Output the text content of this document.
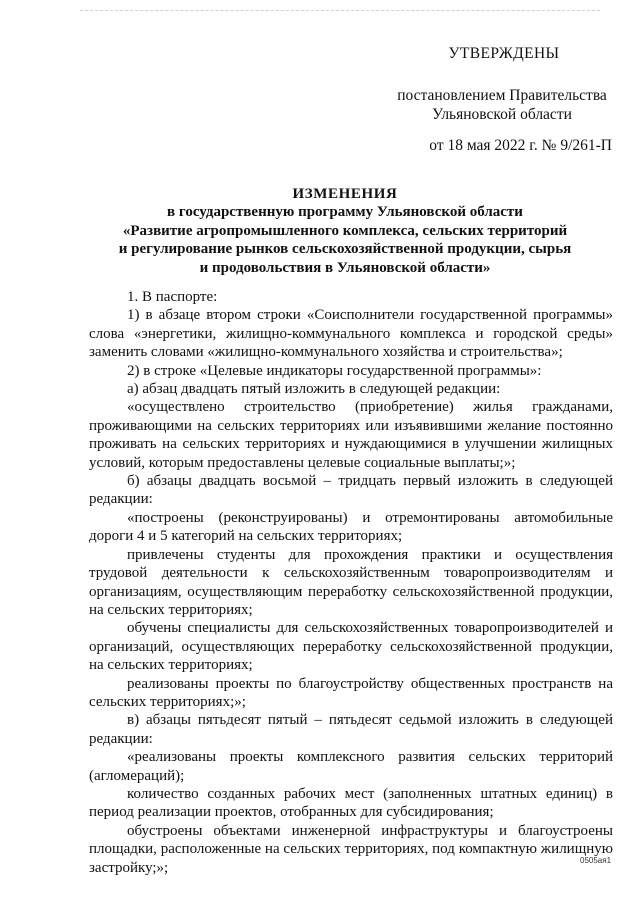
УТВЕРЖДЕНЫ
постановлением Правительства
Ульяновской области
от 18 мая 2022 г. № 9/261-П
ИЗМЕНЕНИЯ
в государственную программу Ульяновской области
«Развитие агропромышленного комплекса, сельских территорий
и регулирование рынков сельскохозяйственной продукции, сырья
и продовольствия в Ульяновской области»

1. В паспорте:

1) в абзаце втором строки «Соисполнители государственной программы» слова «энергетики, жилищно-коммунального комплекса и городской среды» заменить словами «жилищно-коммунального хозяйства и строительства»;

2) в строке «Целевые индикаторы государственной программы»:

а) абзац двадцать пятый изложить в следующей редакции:

«осуществлено строительство (приобретение) жилья гражданами, проживающими на сельских территориях или изъявившими желание постоянно проживать на сельских территориях и нуждающимися в улучшении жилищных условий, которым предоставлены целевые социальные выплаты;»;

б) абзацы двадцать восьмой – тридцать первый изложить в следующей редакции:

«построены (реконструированы) и отремонтированы автомобильные дороги 4 и 5 категорий на сельских территориях;

привлечены студенты для прохождения практики и осуществления трудовой деятельности к сельскохозяйственным товаропроизводителям и организациям, осуществляющим переработку сельскохозяйственной продукции, на сельских территориях;

обучены специалисты для сельскохозяйственных товаропроизводителей и организаций, осуществляющих переработку сельскохозяйственной продукции, на сельских территориях;

реализованы проекты по благоустройству общественных пространств на сельских территориях;»;

в) абзацы пятьдесят пятый – пятьдесят седьмой изложить в следующей редакции:

«реализованы проекты комплексного развития сельских территорий (агломераций);

количество созданных рабочих мест (заполненных штатных единиц) в период реализации проектов, отобранных для субсидирования;

обустроены объектами инженерной инфраструктуры и благоустроены площадки, расположенные на сельских территориях, под компактную жилищную застройку;»;	0505ая1
